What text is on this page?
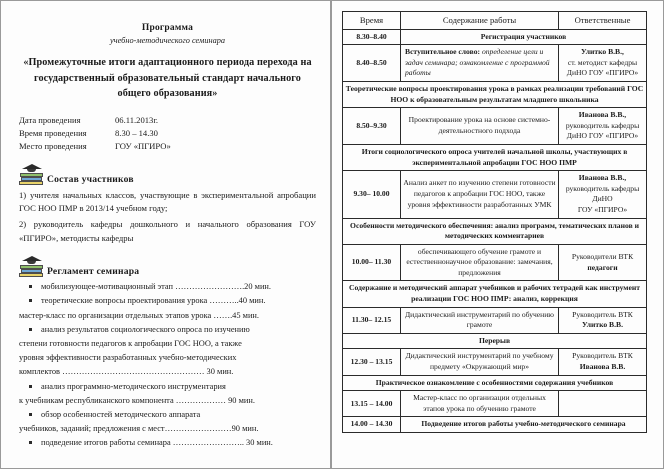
Программа
учебно-методического семинара
«Промежуточные итоги адаптационного периода перехода на государственный образовательный стандарт начального общего образования»
Дата проведения	06.11.2013г.
Время проведения	8.30 – 14.30
Место проведения	ГОУ «ПГИРО»
Состав участников
1) учителя начальных классов, участвующие в экспериментальной апробации ГОС НОО ПМР в 2013/14 учебном году;
2) руководитель кафедры дошкольного и начального образования ГОУ «ПГИРО», методисты кафедры
Регламент семинара
мобилизующее-мотивационный этап …………………….20 мин.
теоретические вопросы проектирования урока ………..40 мин.
мастер-класс по организации отдельных этапов урока …….45 мин.
анализ результатов социологического опроса по изучению
степени готовности педагогов к апробации ГОС НОО, а также
уровня эффективности разработанных учебно-методических
комплектов …………………………………………… 30 мин.
анализ программно-методического инструментария
к учебникам республиканского компонента ……………… 90 мин.
обзор особенностей методического аппарата
учебников, заданий; предложения с мест……………………90 мин.
подведение итогов работы семинара …………………….. 30 мин.
Время	Содержание работы	Ответственные
8.30–8.40	Регистрация участников	
8.40–8.50	Вступительное слово: определение цели и задач семинара; ознакомление с программой работы	Улитко В.В.,
ст. методист кафедры
ДиНО ГОУ «ПГИРО»

Теоретические вопросы проектирования урока в рамках реализации требований ГОС НОО к образовательным результатам младшего школьника		
8.50–9.30	Проектирование урока на основе системно-деятельностного подхода	Иванова В.В.,
руководитель кафедры
ДиНО ГОУ «ПГИРО»

Итоги социологического опроса учителей начальной школы, участвующих в экспериментальной апробации ГОС НОО ПМР		
9.30– 10.00	Анализ анкет по изучению степени готовности педагогов к апробации ГОС НОО, также уровня эффективности разработанных УМК	Иванова В.В.,
руководитель кафедры
ДиНО
ГОУ «ПГИРО»

Особенности методического обеспечения: анализ программ, тематических планов и методических комментариев		
10.00– 11.30	обеспечивающего обучение грамоте и естественнонаучное образование: замечания, предложения	Руководители ВТК
педагоги

Содержание и методический аппарат учебников и рабочих тетрадей как инструмент реализации ГОС НОО ПМР: анализ, коррекция		
11.30– 12.15	Дидактический инструментарий по обучению грамоте	Руководитель ВТК
Улитко В.В.

Перерыв		
12.30 – 13.15	Дидактический инструментарий по учебному предмету «Окружающий мир»	Руководитель ВТК
Иванова В.В.

Практическое ознакомление с особенностями содержания учебников		
13.15 – 14.00	Мастер-класс по организации отдельных этапов урока по обучению грамоте	
14.00 – 14.30	Подведение итогов работы учебно-методического семинара	
